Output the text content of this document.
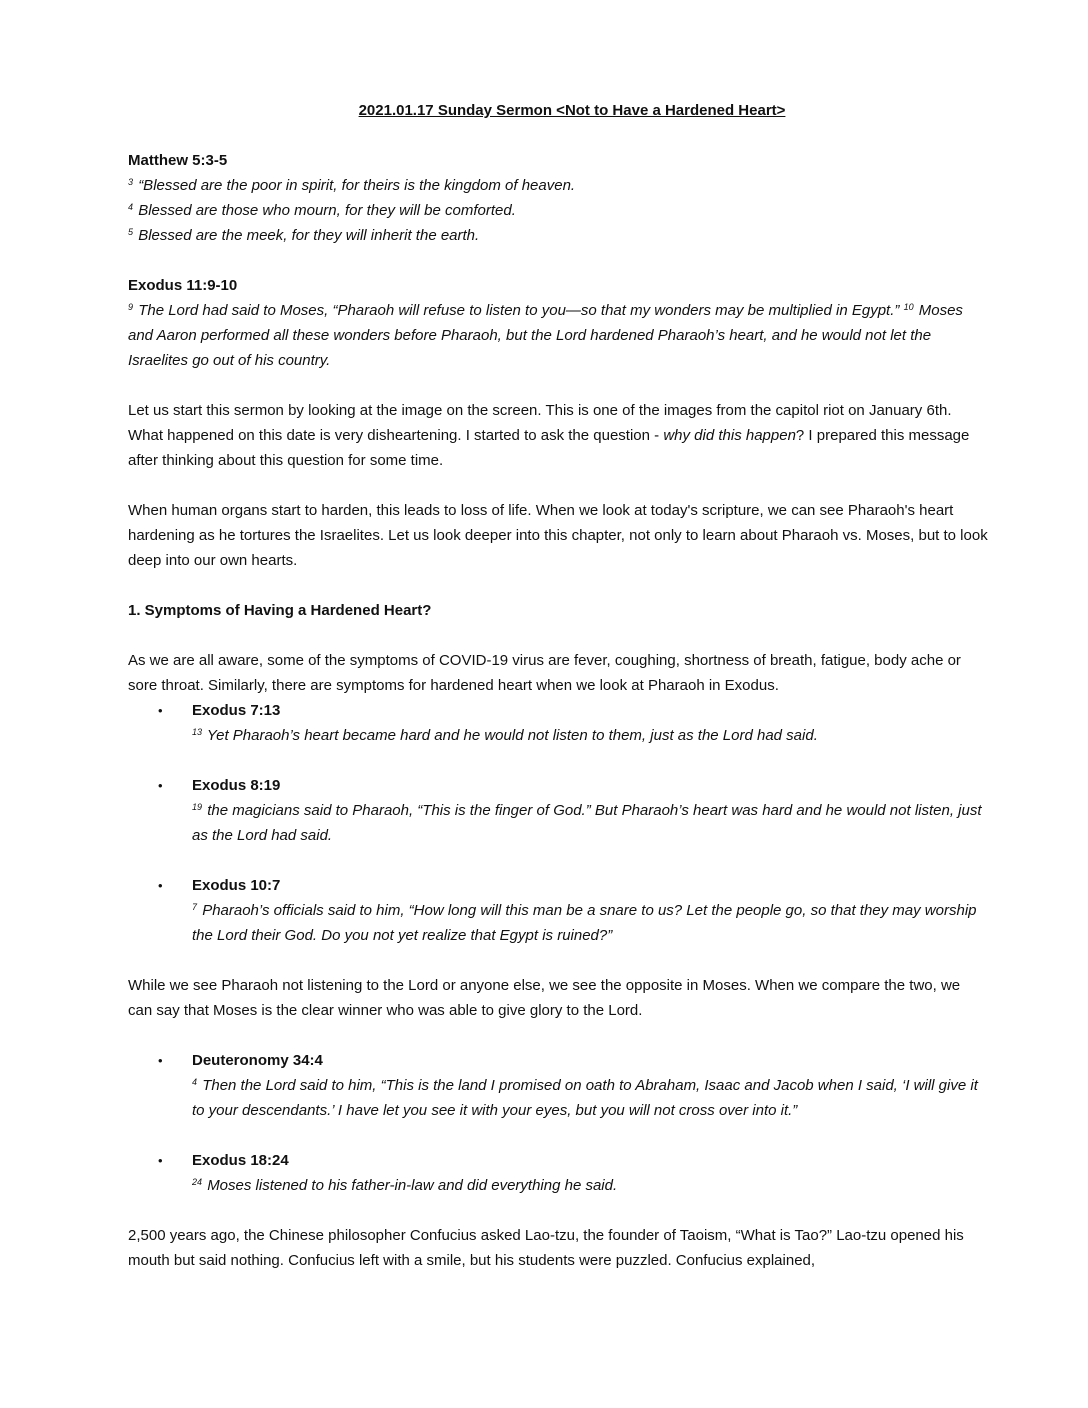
2021.01.17 Sunday Sermon <Not to Have a Hardened Heart>
Matthew 5:3-5
$^3$ “Blessed are the poor in spirit, for theirs is the kingdom of heaven.
$^4$ Blessed are those who mourn, for they will be comforted.
$^5$ Blessed are the meek, for they will inherit the earth.
Exodus 11:9-10
$^9$ The Lord had said to Moses, “Pharaoh will refuse to listen to you—so that my wonders may be multiplied in Egypt.” $^{10}$ Moses and Aaron performed all these wonders before Pharaoh, but the Lord hardened Pharaoh’s heart, and he would not let the Israelites go out of his country.

Let us start this sermon by looking at the image on the screen. This is one of the images from the capitol riot on January 6th. What happened on this date is very disheartening. I started to ask the question - why did this happen? I prepared this message after thinking about this question for some time.

When human organs start to harden, this leads to loss of life. When we look at today's scripture, we can see Pharaoh's heart hardening as he tortures the Israelites. Let us look deeper into this chapter, not only to learn about Pharaoh vs. Moses, but to look deep into our own hearts.

1. Symptoms of Having a Hardened Heart?

As we are all aware, some of the symptoms of COVID-19 virus are fever, coughing, shortness of breath, fatigue, body ache or sore throat. Similarly, there are symptoms for hardened heart when we look at Pharaoh in Exodus.

• Exodus 7:13
$^{13}$ Yet Pharaoh’s heart became hard and he would not listen to them, just as the Lord had said.
• Exodus 8:19
$^{19}$ the magicians said to Pharaoh, “This is the finger of God.” But Pharaoh’s heart was hard and he would not listen, just as the Lord had said.
• Exodus 10:7
$^7$ Pharaoh’s officials said to him, “How long will this man be a snare to us? Let the people go, so that they may worship the Lord their God. Do you not yet realize that Egypt is ruined?”

While we see Pharaoh not listening to the Lord or anyone else, we see the opposite in Moses. When we compare the two, we can say that Moses is the clear winner who was able to give glory to the Lord.

• Deuteronomy 34:4
$^4$ Then the Lord said to him, “This is the land I promised on oath to Abraham, Isaac and Jacob when I said, ‘I will give it to your descendants.’ I have let you see it with your eyes, but you will not cross over into it.”
• Exodus 18:24
$^{24}$ Moses listened to his father-in-law and did everything he said.

2,500 years ago, the Chinese philosopher Confucius asked Lao-tzu, the founder of Taoism, “What is Tao?” Lao-tzu opened his mouth but said nothing. Confucius left with a smile, but his students were puzzled. Confucius explained,
